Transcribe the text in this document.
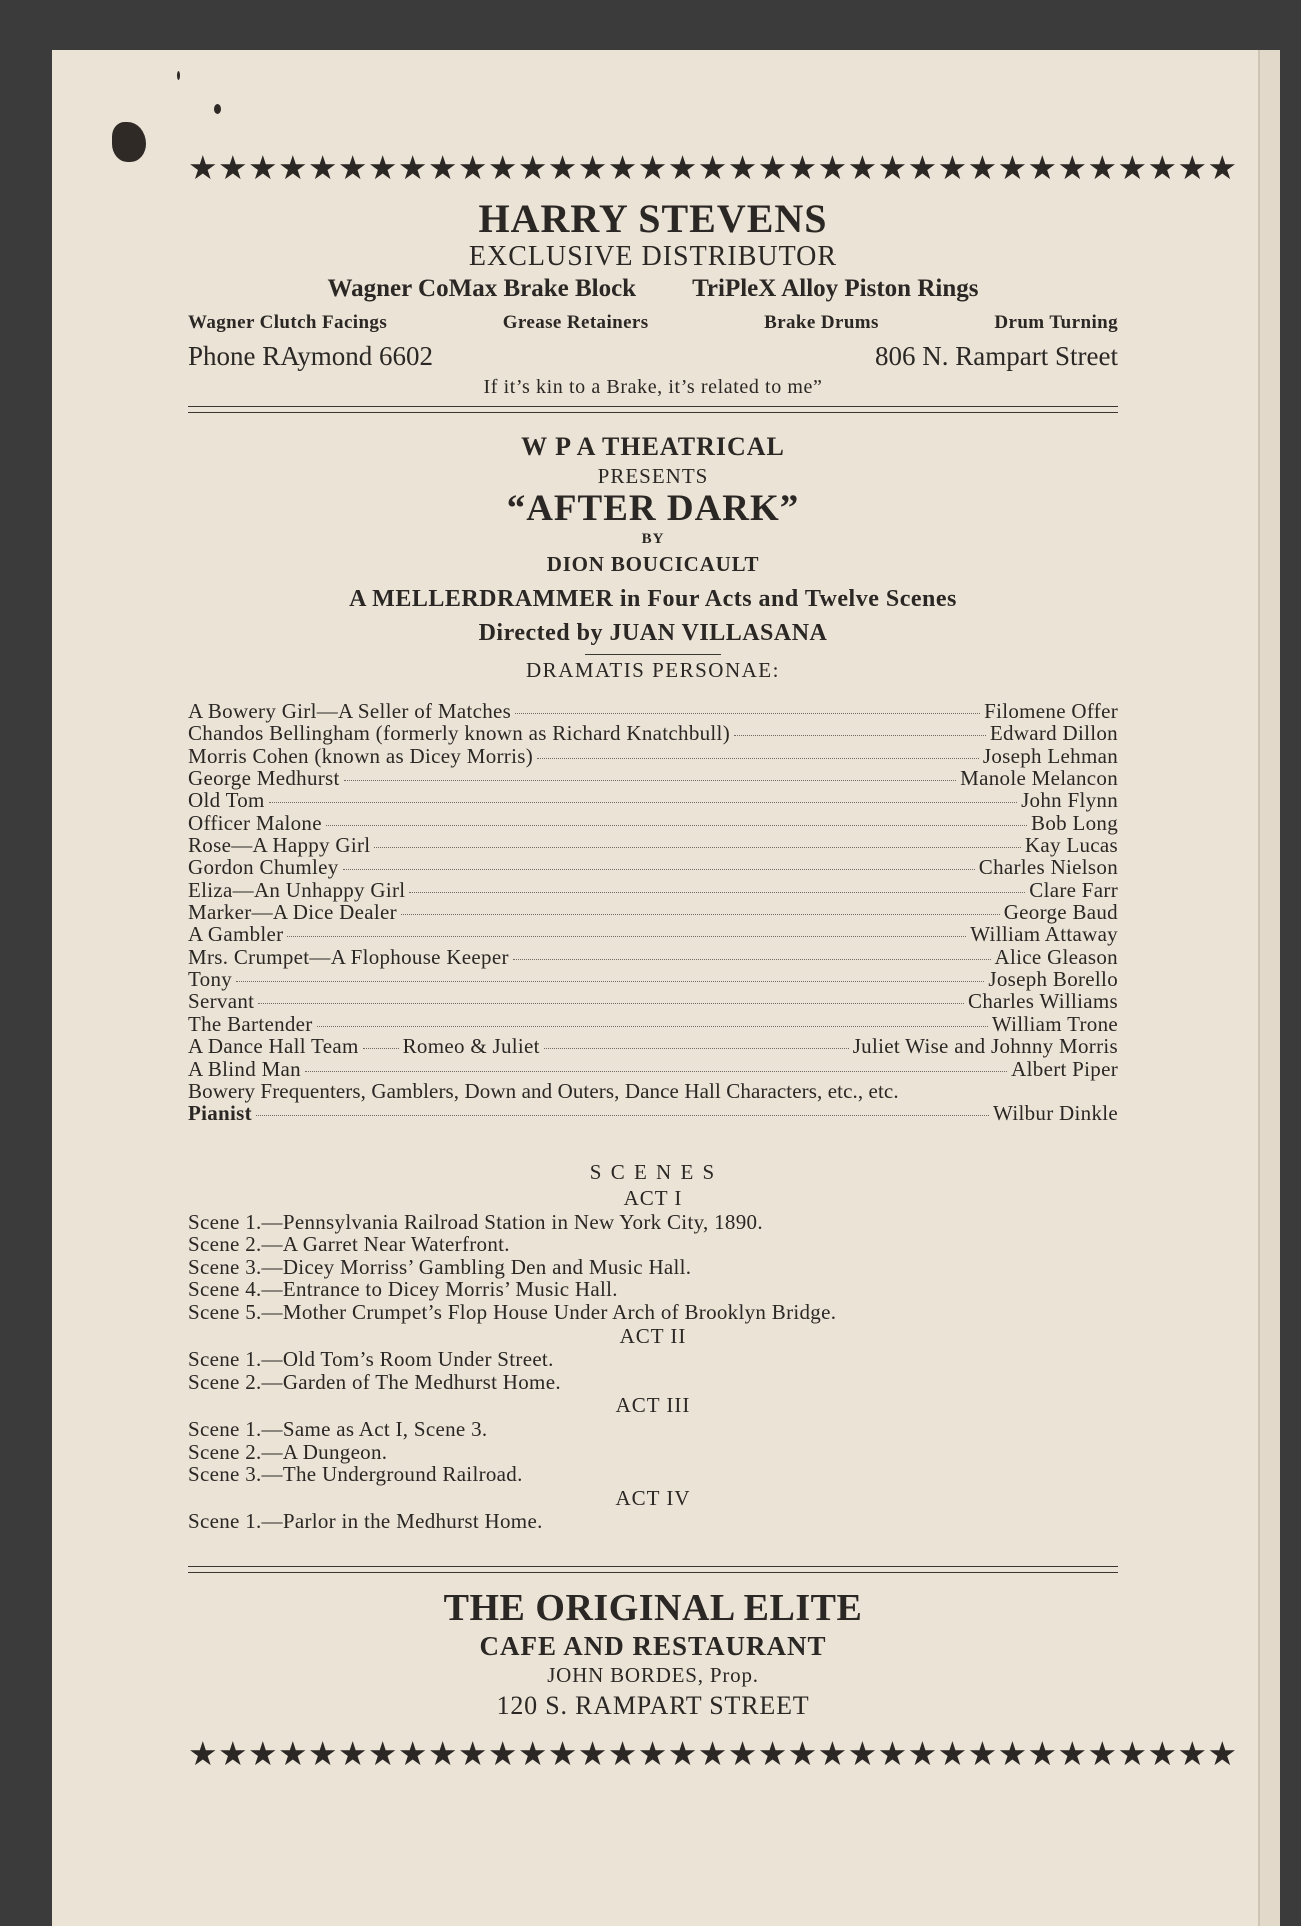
★★★★★★★★★★★★★★★★★★★★★★★★★★★★★★★★★★★
HARRY STEVENS
EXCLUSIVE DISTRIBUTOR
Wagner CoMax Brake Block TriPleX Alloy Piston Rings
Wagner Clutch Facings	Grease Retainers	Brake Drums	Drum Turning
Phone RAymond 6602	806 N. Rampart Street
If it’s kin to a Brake, it’s related to me”
W P A THEATRICAL
PRESENTS
“AFTER DARK”
BY
DION BOUCICAULT
A MELLERDRAMMER in Four Acts and Twelve Scenes
Directed by JUAN VILLASANA
DRAMATIS PERSONAE:
A Bowery Girl—A Seller of Matches	Filomene Offer
Chandos Bellingham (formerly known as Richard Knatchbull)	Edward Dillon
Morris Cohen (known as Dicey Morris)	Joseph Lehman
George Medhurst	Manole Melancon
Old Tom	John Flynn
Officer Malone	Bob Long
Rose—A Happy Girl	Kay Lucas
Gordon Chumley	Charles Nielson
Eliza—An Unhappy Girl	Clare Farr
Marker—A Dice Dealer	George Baud
A Gambler	William Attaway
Mrs. Crumpet—A Flophouse Keeper	Alice Gleason
Tony	Joseph Borello
Servant	Charles Williams
The Bartender	William Trone
A Dance Hall Team Romeo & Juliet	Juliet Wise and Johnny Morris
A Blind Man	Albert Piper
Bowery Frequenters, Gamblers, Down and Outers, Dance Hall Characters, etc., etc.
Pianist	Wilbur Dinkle
S C E N E S
ACT I
Scene 1.—Pennsylvania Railroad Station in New York City, 1890.
Scene 2.—A Garret Near Waterfront.
Scene 3.—Dicey Morriss’ Gambling Den and Music Hall.
Scene 4.—Entrance to Dicey Morris’ Music Hall.
Scene 5.—Mother Crumpet’s Flop House Under Arch of Brooklyn Bridge.
ACT II
Scene 1.—Old Tom’s Room Under Street.
Scene 2.—Garden of The Medhurst Home.
ACT III
Scene 1.—Same as Act I, Scene 3.
Scene 2.—A Dungeon.
Scene 3.—The Underground Railroad.
ACT IV
Scene 1.—Parlor in the Medhurst Home.
THE ORIGINAL ELITE
CAFE AND RESTAURANT
JOHN BORDES, Prop.
120 S. RAMPART STREET
★★★★★★★★★★★★★★★★★★★★★★★★★★★★★★★★★★★
